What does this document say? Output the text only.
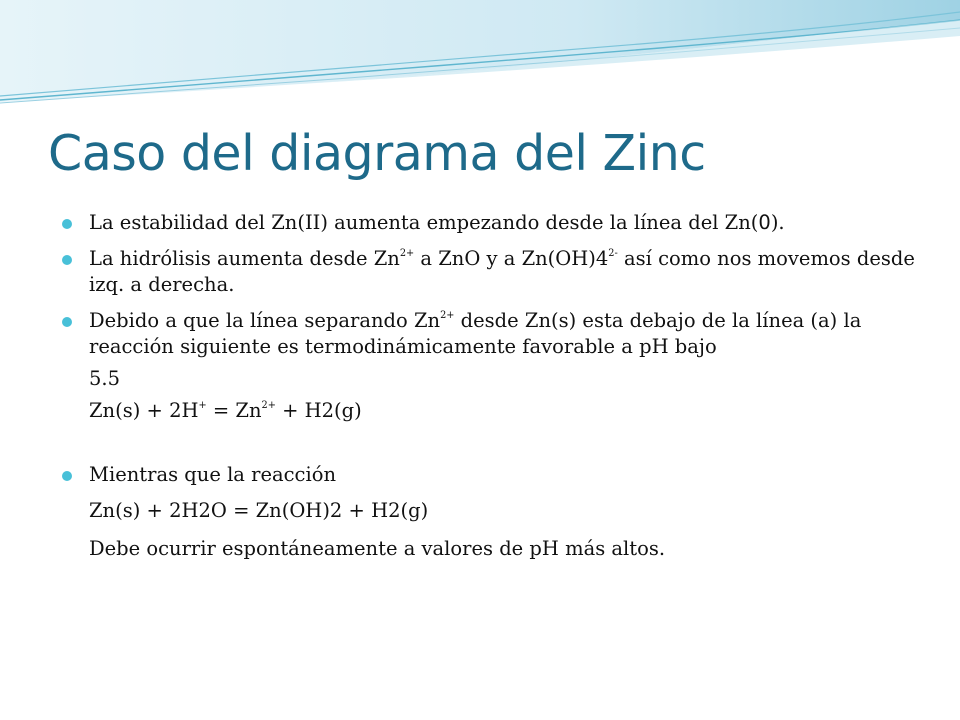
Caso del diagrama del Zinc
La estabilidad del Zn(II) aumenta empezando desde la línea del Zn(0).
La hidrólisis aumenta desde $Zn^{2+}$ a ZnO y a $Zn(OH)4^{2-}$ así como nos movemos desde izq. a derecha.
Debido a que la línea separando $Zn^{2+}$ desde Zn(s) esta debajo de la línea (a) la reacción siguiente es termodinámicamente favorable a pH bajo
5.5
$Zn(s) + 2H^+ = Zn^{2+} + H2(g)$
Mientras que la reacción
Zn(s) + 2H2O = Zn(OH)2 + H2(g)
Debe ocurrir espontáneamente a valores de pH más altos.
